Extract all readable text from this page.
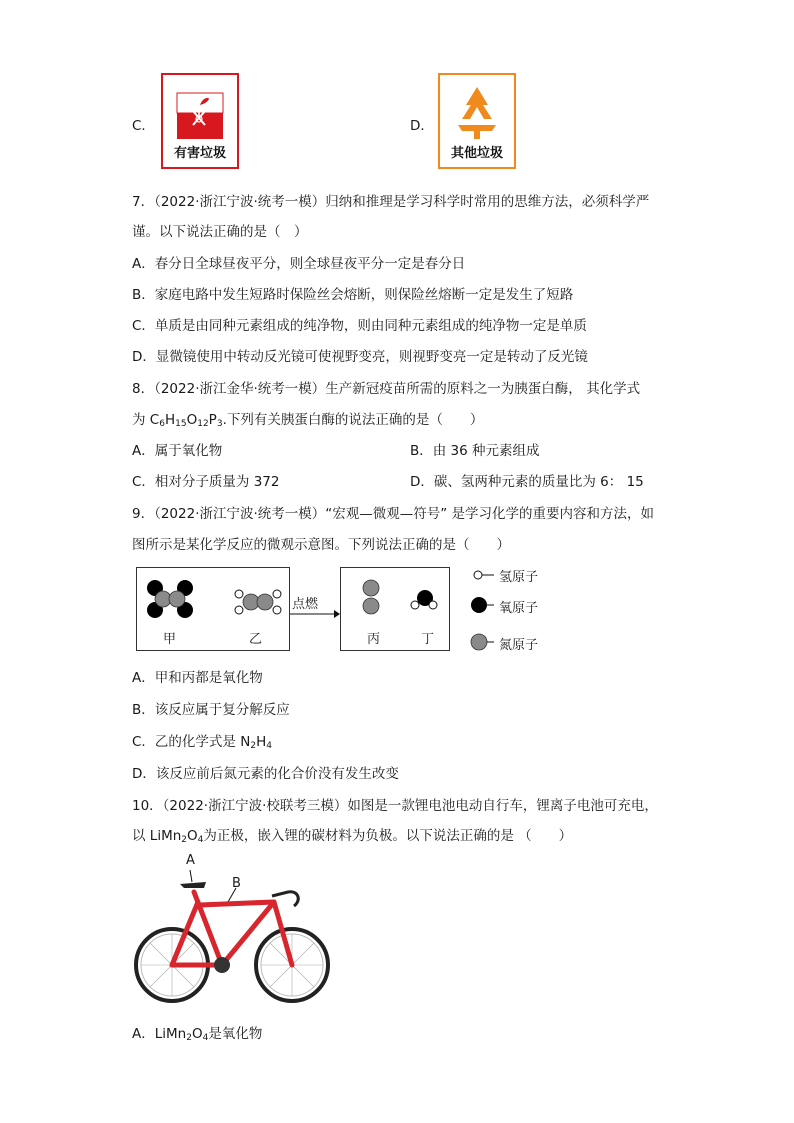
C．
有害垃圾
D．
其他垃圾
7．（2022·浙江宁波·统考一模）归纳和推理是学习科学时常用的思维方法，必须科学严
谨。以下说法正确的是（　）
A．春分日全球昼夜平分，则全球昼夜平分一定是春分日
B．家庭电路中发生短路时保险丝会熔断，则保险丝熔断一定是发生了短路
C．单质是由同种元素组成的纯净物，则由同种元素组成的纯净物一定是单质
D．显微镜使用中转动反光镜可使视野变亮，则视野变亮一定是转动了反光镜
8．（2022·浙江金华·统考一模）生产新冠疫苗所需的原料之一为胰蛋白酶， 其化学式
为 $C_6H_{15}O_{12}P_3$.下列有关胰蛋白酶的说法正确的是（　　）
A．属于氧化物	B．由 36 种元素组成
C．相对分子质量为 372	D．碳、氢两种元素的质量比为 6： 15
9．（2022·浙江宁波·统考一模）“宏观—微观—符号” 是学习化学的重要内容和方法，如
图所示是某化学反应的微观示意图。下列说法正确的是（　　）
甲	乙
点燃
丙	丁
氢原子
氧原子
氮原子
A．甲和丙都是氧化物
B．该反应属于复分解反应
C．乙的化学式是 $N_2H_4$
D．该反应前后氮元素的化合价没有发生改变
10．（2022·浙江宁波·校联考三模）如图是一款锂电池电动自行车，锂离子电池可充电，
以 $LiMn_2O_4$为正极，嵌入锂的碳材料为负极。以下说法正确的是 （　　）
A
B
BMC
A．$LiMn_2O_4$是氧化物
